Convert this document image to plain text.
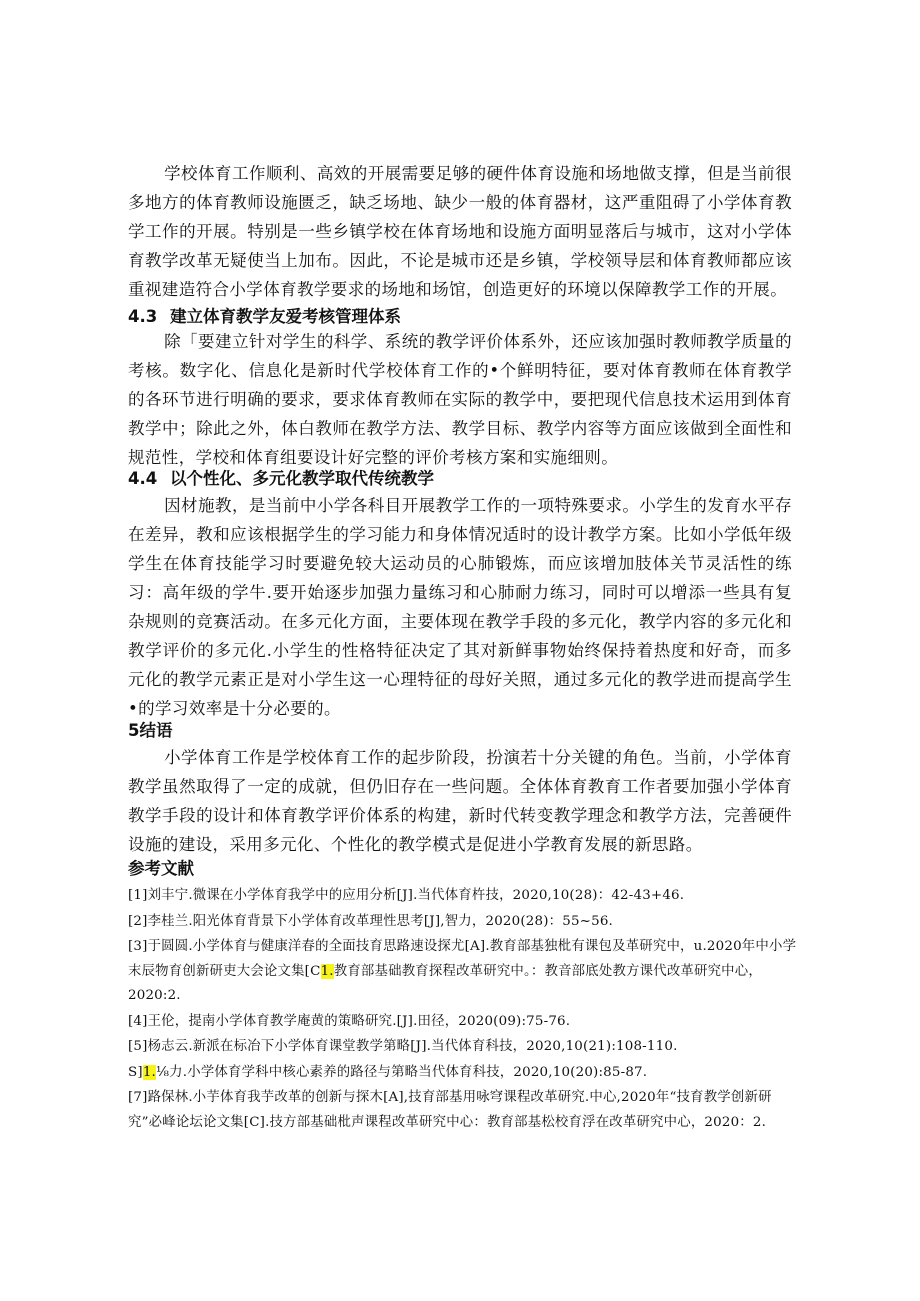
学校体育工作顺利、高效的开展需要足够的硬件体育设施和场地做支撑，但是当前很多地方的体育教师设施匮乏，缺乏场地、缺少一般的体育器材，这严重阻碍了小学体育教学工作的开展。特别是一些乡镇学校在体育场地和设施方面明显落后与城市，这对小学体育教学改革无疑使当上加布。因此，不论是城市还是乡镇，学校领导层和体育教师都应该重视建造符合小学体育教学要求的场地和场馆，创造更好的环境以保障教学工作的开展。

4.3 建立体育教学友爱考核管理体系

除「要建立针对学生的科学、系统的教学评价体系外，还应该加强时教师教学质量的考核。数字化、信息化是新时代学校体育工作的•个鲜明特征，要对体育教师在体育教学的各环节进行明确的要求，要求体育教师在实际的教学中，要把现代信息技术运用到体育教学中；除此之外，体白教师在教学方法、教学目标、教学内容等方面应该做到全面性和规范性，学校和体育组要设计好完整的评价考核方案和实施细则。

4.4 以个性化、多元化教学取代传统教学

因材施教，是当前中小学各科目开展教学工作的一项特殊要求。小学生的发育水平存在差异，教和应该根据学生的学习能力和身体情况适时的设计教学方案。比如小学低年级学生在体育技能学习时要避免较大运动员的心肺锻炼，而应该增加肢体关节灵活性的练习：高年级的学牛.要开始逐步加强力量练习和心肺耐力练习，同时可以增添一些具有复杂规则的竞赛活动。在多元化方面，主要体现在教学手段的多元化，教学内容的多元化和教学评价的多元化.小学生的性格特征决定了其对新鲜事物始终保持着热度和好奇，而多元化的教学元素正是对小学生这一心理特征的母好关照，通过多元化的教学进而提高学生•的学习效率是十分必要的。

5结语

小学体育工作是学校体育工作的起步阶段，扮演若十分关键的角色。当前，小学体育教学虽然取得了一定的成就，但仍旧存在一些问题。全体体育教育工作者要加强小学体育教学手段的设计和体育教学评价体系的构建，新时代转变教学理念和教学方法，完善硬件设施的建设，采用多元化、个性化的教学模式是促进小学教育发展的新思路。

参考文献
[1]刘丰宁.微课在小学体育我学中的应用分析[J].当代体育杵技，2020,10(28)：42-43+46.
[2]李桂兰.阳光体育背景下小学体育改革理性思考[J],智力，2020(28)：55~56.
[3]于圆圆.小学体育与健康洋春的全面技育思路速设探尤[A].教育部基独枇有课包及革研究中，u.2020年中小学末辰物育创新研吏大会论文集[C1.教育部基础教育探程改革研究中。：教音部底处教方课代改革研究中心，2020:2.
[4]王伦，提南小学体育教学庵黄的策略研究.[J].田径，2020(09):75-76.
[5]杨志云.新派在标冶下小学体育课堂教学第略[J].当代体育科技，2020,10(21):108-110.
S]1.⅛力.小学体育学科中核心素养的路径与第略当代体育科技，2020,10(20):85-87.
[7]路保林.小芋体育我芋改革的创新与探木[A],技育部基用咏穹课程改革研究.中心,2020年“技育教学创新研究”必峰论坛论文集[C].技方部基础枇声课程改革研究中心：教育部基松校育浮在改革研究中心，2020：2.
